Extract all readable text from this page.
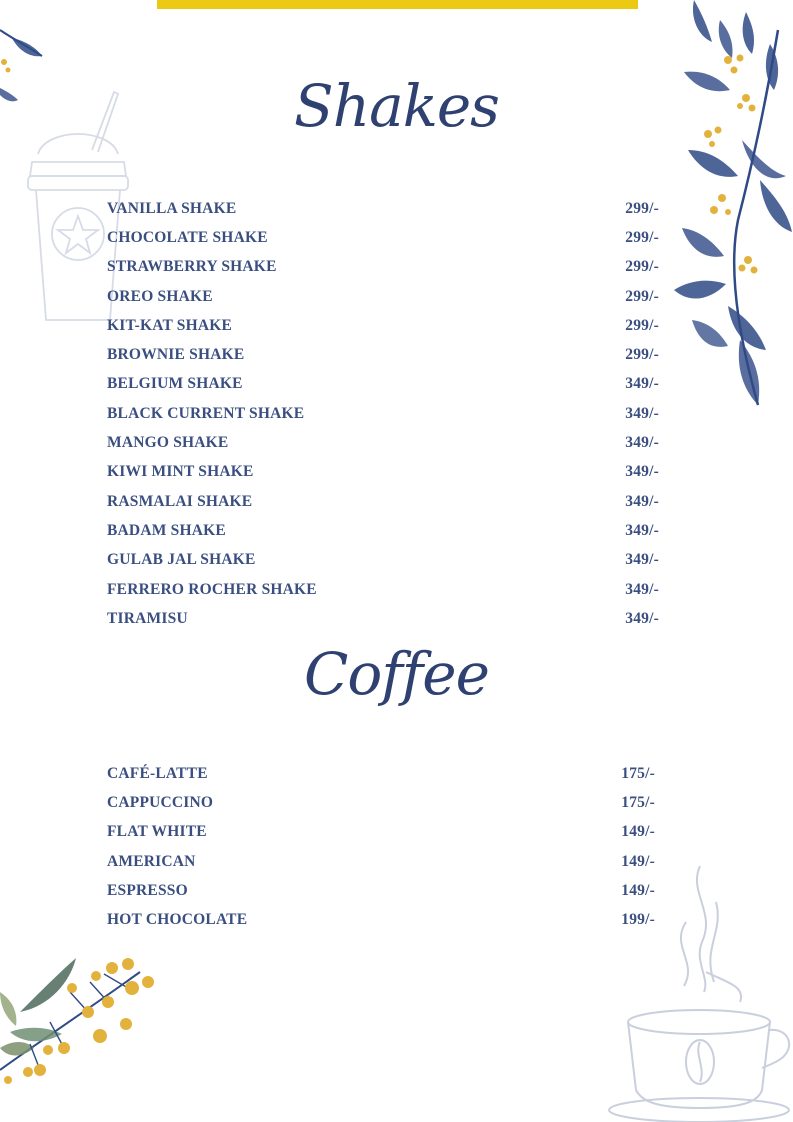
Shakes
VANILLA SHAKE	299/-
CHOCOLATE SHAKE	299/-
STRAWBERRY SHAKE	299/-
OREO SHAKE	299/-
KIT-KAT SHAKE	299/-
BROWNIE SHAKE	299/-
BELGIUM SHAKE	349/-
BLACK CURRENT SHAKE	349/-
MANGO SHAKE	349/-
KIWI MINT SHAKE	349/-
RASMALAI SHAKE	349/-
BADAM SHAKE	349/-
GULAB JAL SHAKE	349/-
FERRERO ROCHER SHAKE	349/-
TIRAMISU	349/-
Coffee
CAFÉ-LATTE	175/-
CAPPUCCINO	175/-
FLAT WHITE	149/-
AMERICAN	149/-
ESPRESSO	149/-
HOT CHOCOLATE	199/-
